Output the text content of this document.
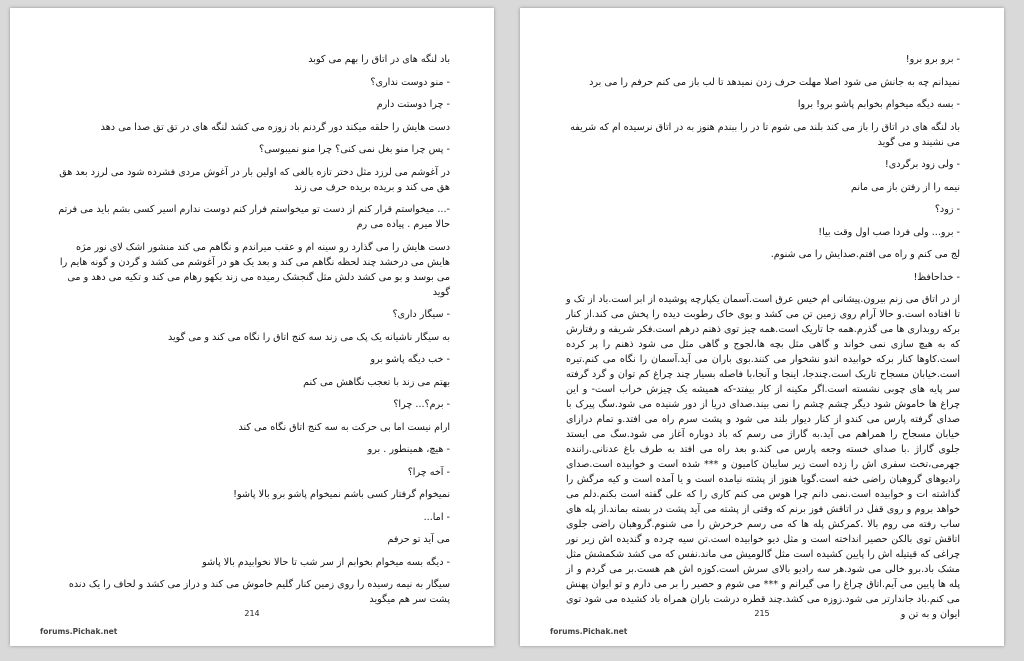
باد لنگه های در اتاق را بهم می کوبد

- منو دوست نداری؟

- چرا دوستت دارم

دست هایش را حلقه میکند دور گردنم باد زوزه می کشد لنگه های در تق تق صدا می دهد

- پس چرا منو بغل نمی کنی؟ چرا منو نمیبوسی؟

در آغوشم می لرزد مثل دختر تازه بالغی که اولین بار در آغوش مردی فشرده شود می لرزد بعد هق هق می کند و بریده بریده حرف می زند

-... میخواستم قرار کنم از دست تو میخواستم فرار کنم دوست ندارم اسیر کسی بشم باید می فرتم حالا میرم . پیاده می رم

دست هایش را می گذارد رو سینه ام و عقب میراندم و نگاهم می کند منشور اشک لای نور مژه هایش می درخشد چند لحظه نگاهم می کند و بعد یک هو در آغوشم می کشد و گردن و گونه هایم را می بوسد و بو می کشد دلش مثل گنجشک رمیده می زند بکهو رهام می کند و تکیه می دهد و می گوید

- سیگار داری؟

به سیگار ناشیانه یک پک می زند سه کنج اتاق را نگاه می کند و می گوید

- خب دیگه پاشو برو

بهتم می زند با تعجب نگاهش می کنم

- برم؟... چرا؟

ارام نیست اما بی حرکت به سه کنج اتاق نگاه می کند

- هیچ، همینطور . برو

- آخه چرا؟

نمیخوام گرفتار کسی باشم نمیخوام پاشو برو بالا پاشو!

- اما...

می آید تو حرفم

- دیگه بسه میخوام بخوابم از سر شب تا حالا نخوابیدم بالا پاشو

سیگار به نیمه رسیده را روی زمین کنار گلیم خاموش می کند و دراز می کشد و لحاف را یک دنده پشت سر هم میگوید

214
forums.Pichak.net

- برو برو برو!

نمیدانم چه به جانش می شود اصلا مهلت حرف زدن نمیدهد تا لب باز می کنم حرفم را می برد

- بسه دیگه میخوام بخوابم پاشو برو! بروا

باد لنگه های در اتاق را باز می کند بلند می شوم تا در را ببندم هنوز به در اتاق نرسیده ام که شریفه می نشیند و می گوید

- ولی زود برگردی!

نیمه را از رفتن باز می مانم

- زود؟

- برو... ولی فردا صب اول وقت بیا!

لج می کنم و راه می افتم.صدایش را می شنوم.

- خداحافظ!

از در اتاق می زنم بیرون.پیشانی ام خیس عرق است.آسمان یکپارچه پوشیده از ابر است.باد از تک و تا افتاده است.و حالا آرام روی زمین تن می کشد و بوی خاک رطوبت دیده را پخش می کند.از کنار برکه روبداری ها می گذرم.همه جا تاریک است.همه چیز توی ذهنم درهم است.فکر شریفه و رفتارش که به هیچ سازی نمی خواند و گاهی مثل بچه ها،لجوج و گاهی مثل می شود ذهنم را پر کرده است.کاوها کنار برکه خوابیده اندو نشخوار می کنند.بوی باران می آید.آسمان را نگاه می کنم.تیره است.خیابان مسجاح تاریک است.چندجا، اینجا و آنجا،با فاصله بسیار چند چراغ کم توان و گرد گرفته سر پایه های چوبی نشسته است.اگر مکینه از کار بیفتد-که همیشه یک چیزش خراب است- و این چراغ ها خاموش شود دیگر چشم چشم را نمی بیند.صدای دریا از دور شنیده می شود.سگ پیرک با صدای گرفته پارس می کندو از کنار دیوار بلند می شود و پشت سرم راه می افتد.و تمام درازای خیابان مسجاح را همراهم می آید.به گاراژ می رسم که باد دوباره آغاز می شود.سگ می ایستد جلوی گاراژ .با صدای خسته وجعه پارس می کند.و بعد راه می افتد به طرف باغ عدنانی.راننده جهرمی،تخت سفری اش را زده است زیر سایبان کامیون و *** شده است و خوابیده است.صدای رادیوهای گروهبان راضی خفه است.گویا هنوز از پشته نیامده است و یا آمده است و کیه مرگش را گذاشته ات و خوابیده است.نمی دانم چرا هوس می کنم کاری را که علی گفته است بکنم.دلم می خواهد بروم و روی قفل در اتاقش فوز برنم که وقتی از پشته می آید پشت در بسته بماند.از پله های ساب رفته می روم بالا .کمرکش پله ها که می رسم خرخرش را می شنوم.گروهبان راضی جلوی اتاقش توی بالکن حصیر انداخته است و مثل دیو خوابیده است.تن سیه چرده و گندیده اش زیر نور چراغی که قیتیله اش را پایین کشیده است مثل گالومیش می ماند.نفس که می کشد شکمشش مثل مشک باد.برو خالی می شود.هر سه رادیو بالای سرش است.کوزه اش هم هست.بر می گردم و از پله ها پایین می آیم.اتاق چراغ را می گیرانم و *** می شوم و حصیر را بر می دارم و تو ایوان پهنش می کنم.باد جاندارتر می شود.زوزه می کشد.چند قطره درشت باران همراه باد کشیده می شود توی ایوان و به تن و

215
forums.Pichak.net
